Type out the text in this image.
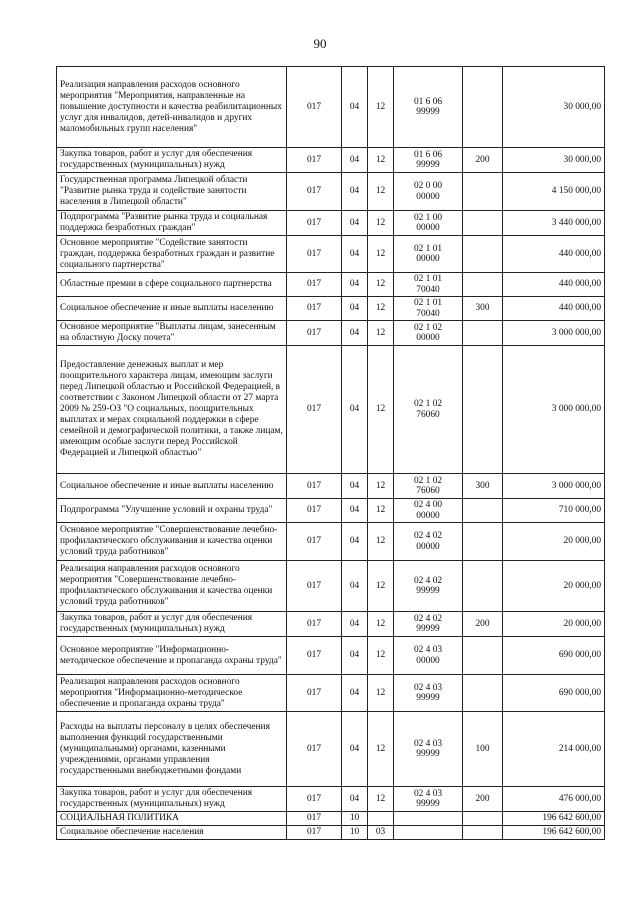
90
Реализация направления расходов основного мероприятия "Мероприятия, направленные на повышение доступности и качества реабилитационных услуг для инвалидов, детей-инвалидов и других маломобильных групп населения"	017	04	12	01 6 06
99999		30 000,00
Закупка товаров, работ и услуг для обеспечения государственных (муниципальных) нужд	017	04	12	01 6 06
99999	200	30 000,00
Государственная программа Липецкой области "Развитие рынка труда и содействие занятости населения в Липецкой области"	017	04	12	02 0 00
00000		4 150 000,00
Подпрограмма "Развитие рынка труда и социальная поддержка безработных граждан"	017	04	12	02 1 00
00000		3 440 000,00
Основное мероприятие "Содействие занятости граждан, поддержка безработных граждан и развитие социального партнерства"	017	04	12	02 1 01
00000		440 000,00
Областные премии в сфере социального партнерства	017	04	12	02 1 01
70040		440 000,00
Социальное обеспечение и иные выплаты населению	017	04	12	02 1 01
70040	300	440 000,00
Основное мероприятие "Выплаты лицам, занесенным на областную Доску почета"	017	04	12	02 1 02
00000		3 000 000,00
Предоставление денежных выплат и мер поощрительного характера лицам, имеющим заслуги перед Липецкой областью и Российской Федерацией, в соответствии с Законом Липецкой области от 27 марта 2009 № 259-ОЗ "О социальных, поощрительных выплатах и мерах социальной поддержки в сфере семейной и демографической политики, а также лицам, имеющим особые заслуги перед Российской Федерацией и Липецкой областью"	017	04	12	02 1 02
76060		3 000 000,00
Социальное обеспечение и иные выплаты населению	017	04	12	02 1 02
76060	300	3 000 000,00
Подпрограмма "Улучшение условий и охраны труда"	017	04	12	02 4 00
00000		710 000,00
Основное мероприятие "Совершенствование лечебно-профилактического обслуживания и качества оценки условий труда работников"	017	04	12	02 4 02
00000		20 000,00
Реализация направления расходов основного мероприятия "Совершенствование лечебно-профилактического обслуживания и качества оценки условий труда работников"	017	04	12	02 4 02
99999		20 000,00
Закупка товаров, работ и услуг для обеспечения государственных (муниципальных) нужд	017	04	12	02 4 02
99999	200	20 000,00
Основное мероприятие "Информационно-методическое обеспечение и пропаганда охраны труда"	017	04	12	02 4 03
00000		690 000,00
Реализация направления расходов основного мероприятия "Информационно-методическое обеспечение и пропаганда охраны труда"	017	04	12	02 4 03
99999		690 000,00
Расходы на выплаты персоналу в целях обеспечения выполнения функций государственными (муниципальными) органами, казенными учреждениями, органами управления государственными внебюджетными фондами	017	04	12	02 4 03
99999	100	214 000,00
Закупка товаров, работ и услуг для обеспечения государственных (муниципальных) нужд	017	04	12	02 4 03
99999	200	476 000,00
СОЦИАЛЬНАЯ ПОЛИТИКА	017	10				196 642 600,00
Социальное обеспечение населения	017	10	03			196 642 600,00
